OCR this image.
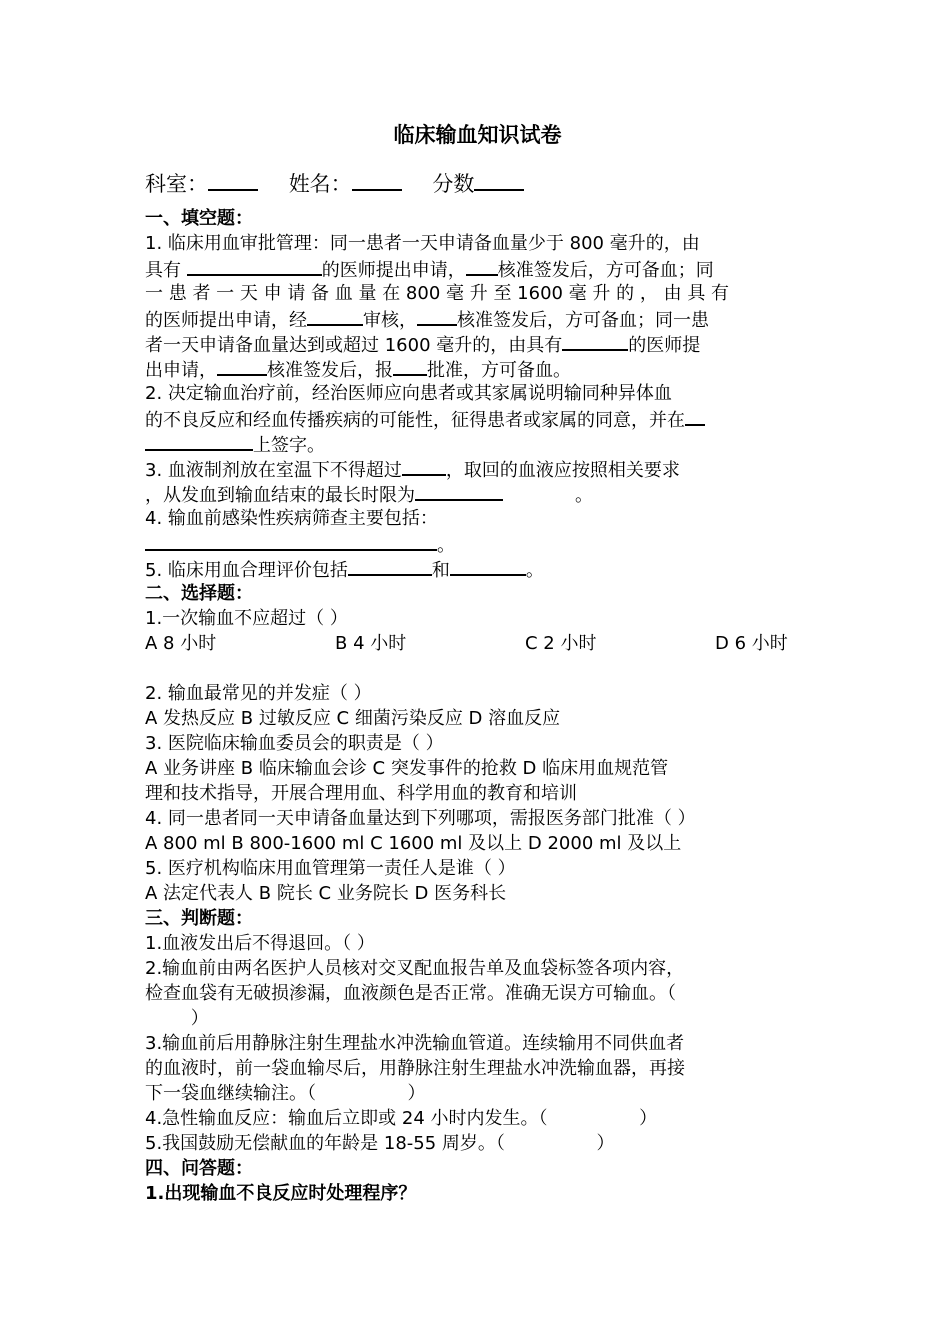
临床输血知识试卷
科室：	姓名：	分数
一、填空题：
1. 临床用血审批管理：同一患者一天申请备血量少于 800 毫升的，由
具有	的医师提出申请， 核准签发后，方可备血；同
一 患 者 一 天 申 请 备 血 量 在 800 毫 升 至 1600 毫 升 的 ， 由 具 有
的医师提出申请，经	审核， 核准签发后，方可备血；同一患
者一天申请备血量达到或超过 1600 毫升的，由具有	的医师提
出申请，	核准签发后，报 批准，方可备血。
2. 决定输血治疗前，经治医师应向患者或其家属说明输同种异体血
的不良反应和经血传播疾病的可能性，征得患者或家属的同意，并在
上签字。
3. 血液制剂放在室温下不得超过 ，取回的血液应按照相关要求
，从发血到输血结束的最长时限为	。
4. 输血前感染性疾病筛查主要包括：
。
5. 临床用血合理评价包括	和	。
二、选择题：
1.一次输血不应超过（ ）
A 8 小时	B 4 小时	C 2 小时	D 6 小时
2. 输血最常见的并发症（ ）
A 发热反应 B 过敏反应 C 细菌污染反应 D 溶血反应
3. 医院临床输血委员会的职责是（ ）
A 业务讲座 B 临床输血会诊 C 突发事件的抢救 D 临床用血规范管
理和技术指导，开展合理用血、科学用血的教育和培训
4. 同一患者同一天申请备血量达到下列哪项，需报医务部门批准（ ）
A 800 ml B 800-1600 ml C 1600 ml 及以上 D 2000 ml 及以上
5. 医疗机构临床用血管理第一责任人是谁（ ）
A 法定代表人 B 院长 C 业务院长 D 医务科长
三、判断题：
1.血液发出后不得退回。（ ）
2.输血前由两名医护人员核对交叉配血报告单及血袋标签各项内容，
检查血袋有无破损渗漏，血液颜色是否正常。准确无误方可输血。（
）
3.输血前后用静脉注射生理盐水冲洗输血管道。连续输用不同供血者
的血液时，前一袋血输尽后，用静脉注射生理盐水冲洗输血器，再接
下一袋血继续输注。（                ）
4.急性输血反应：输血后立即或 24 小时内发生。（                ）
5.我国鼓励无偿献血的年龄是 18-55 周岁。（                ）
四、问答题：
1.出现输血不良反应时处理程序？
